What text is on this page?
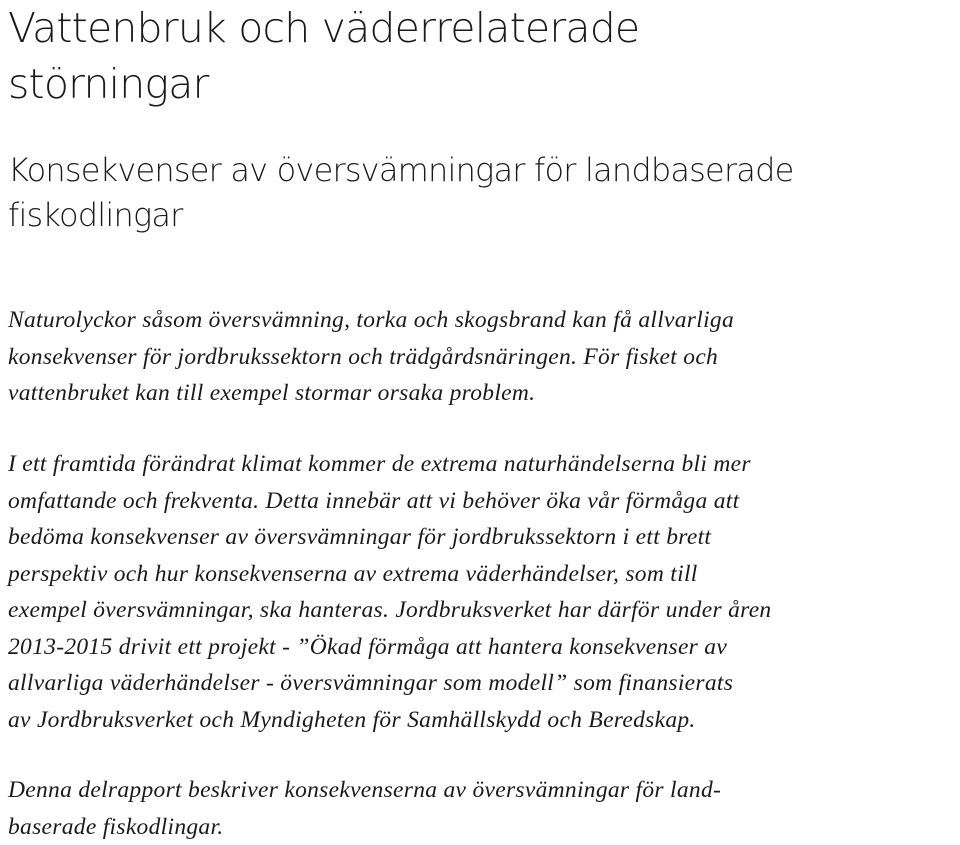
Vattenbruk och väderrelaterade
störningar
Konsekvenser av översvämningar för landbaserade
fiskodlingar

Naturolyckor såsom översvämning, torka och skogsbrand kan få allvarliga
konsekvenser för jordbrukssektorn och trädgårdsnäringen. För fisket och
vattenbruket kan till exempel stormar orsaka problem.

I ett framtida förändrat klimat kommer de extrema naturhändelserna bli mer
omfattande och frekventa. Detta innebär att vi behöver öka vår förmåga att
bedöma konsekvenser av översvämningar för jordbrukssektorn i ett brett
perspektiv och hur konsekvenserna av extrema väderhändelser, som till
exempel översvämningar, ska hanteras. Jordbruksverket har därför under åren
2013-2015 drivit ett projekt - ”Ökad förmåga att hantera konsekvenser av
allvarliga väderhändelser - översvämningar som modell” som finansierats
av Jordbruksverket och Myndigheten för Samhällskydd och Beredskap.

Denna delrapport beskriver konsekvenserna av översvämningar för land-
baserade fiskodlingar.
